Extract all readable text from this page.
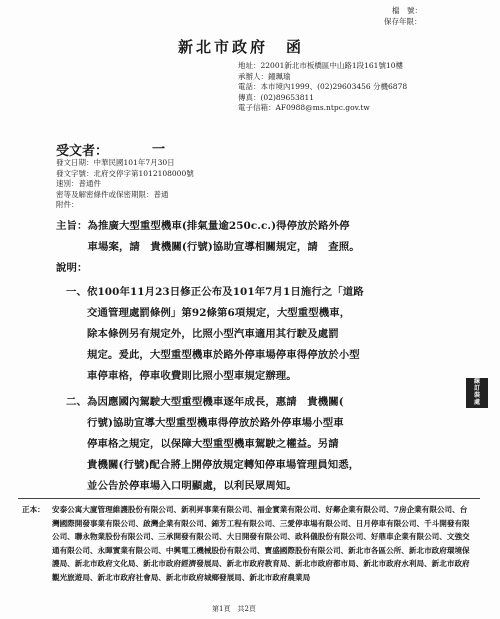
檔　號：
保存年限：
新北市政府　函
地址：22001新北市板橋區中山路1段161號10樓
承辦人：鐘珮瑜
電話：本市境內1999、(02)29603456 分機6878
傳真：(02)89653811
電子信箱：AF0988@ms.ntpc.gov.tw
受文者：	一
發文日期：中華民國101年7月30日
發文字號：北府交停字第1012108000號
速別：普通件
密等及解密條件或保密期限：普通
附件：
主旨：為推廣大型重型機車(排氣量逾250c.c.)得停放於路外停
　　　車場案，請　貴機關(行號)協助宣導相關規定，請　查照。
說明：
一、依100年11月23日修正公布及101年7月1日施行之「道路
　　交通管理處罰條例」第92條第6項規定，大型重型機車，
　　除本條例另有規定外，比照小型汽車適用其行駛及處罰
　　規定。爰此，大型重型機車於路外停車場停車得停放於小型
　　車停車格，停車收費則比照小型車規定辦理。
二、為因應國內駕駛大型重型機車逐年成長，惠請　貴機關(
　　行號)協助宣導大型重型機車得停放於路外停車場小型車
　　停車格之規定，以保障大型重型機車駕駛之權益。另請
　　貴機關(行號)配合將上開停放規定轉知停車場管理員知悉，
　　並公告於停車場入口明顯處，以利民眾周知。
線
訂
裝
處
正本： 安泰公寓大廈管理維護股份有限公司、新利昇事業有限公司、福金實業有限公司、好鄰企業有限公司、7房企業有限公司、台灣國際開發事業有限公司、啟灣企業有限公司、錦芳工程有限公司、三愛停車場有限公司、日月停車有限公司、千斗開發有限公司、聯永物業股份有限公司、三承開發有限公司、大日開發有限公司、政科儀股份有限公司、好鼎車企業有限公司、文強交通有限公司、永暉實業有限公司、中興電工機械股份有限公司、寶盛國際股份有限公司、新北市各區公所、新北市政府環境保護局、新北市政府文化局、新北市政府經濟發展局、新北市政府教育局、新北市政府都市局、新北市政府水利局、新北市政府觀光旅遊局、新北市政府社會局、新北市政府城鄉發展局、新北市政府農業局
第1頁　共2頁
